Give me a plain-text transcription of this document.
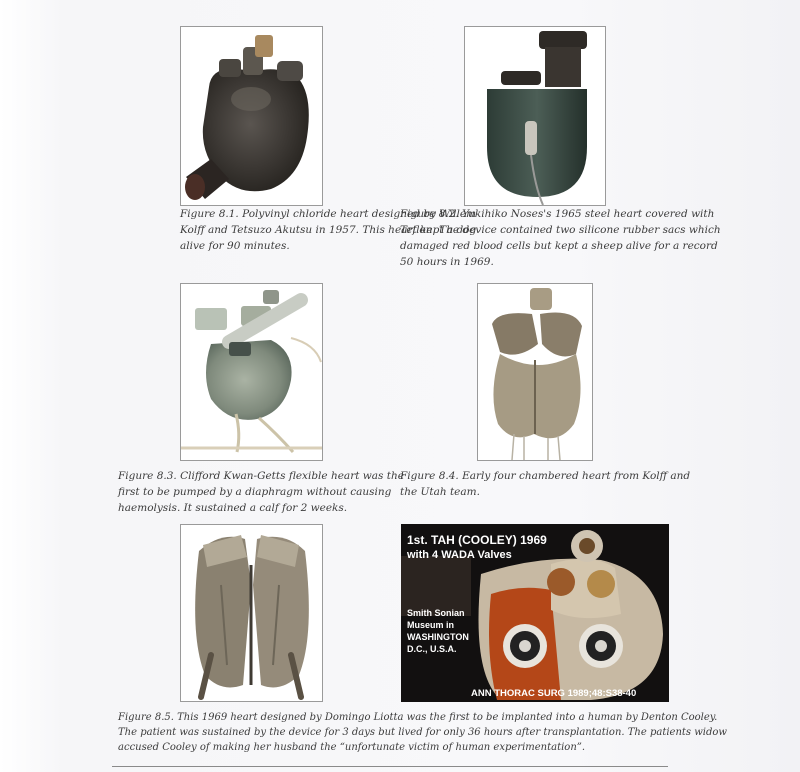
Figure 8.1. Polyvinyl chloride heart designed by Willem
Kolff and Tetsuzo Akutsu in 1957. This heart kept a dog
alive for 90 minutes.

Figure 8.2. Yukihiko Noses's 1965 steel heart covered with
Teflon. The device contained two silicone rubber sacs which
damaged red blood cells but kept a sheep alive for a record
50 hours in 1969.

Figure 8.3. Clifford Kwan-Getts flexible heart was the
first to be pumped by a diaphragm without causing
haemolysis. It sustained a calf for 2 weeks.

Figure 8.4. Early four chambered heart from Kolff and
the Utah team.

1st. TAH (COOLEY) 1969
with 4 WADA Valves
Smith Sonian
Museum in
WASHINGTON
D.C., U.S.A.
ANN THORAC SURG 1989;48:S38-40

Figure 8.5. This 1969 heart designed by Domingo Liotta was the first to be implanted into a human by Denton Cooley.
The patient was sustained by the device for 3 days but lived for only 36 hours after transplantation. The patients widow
accused Cooley of making her husband the “unfortunate victim of human experimentation”.
